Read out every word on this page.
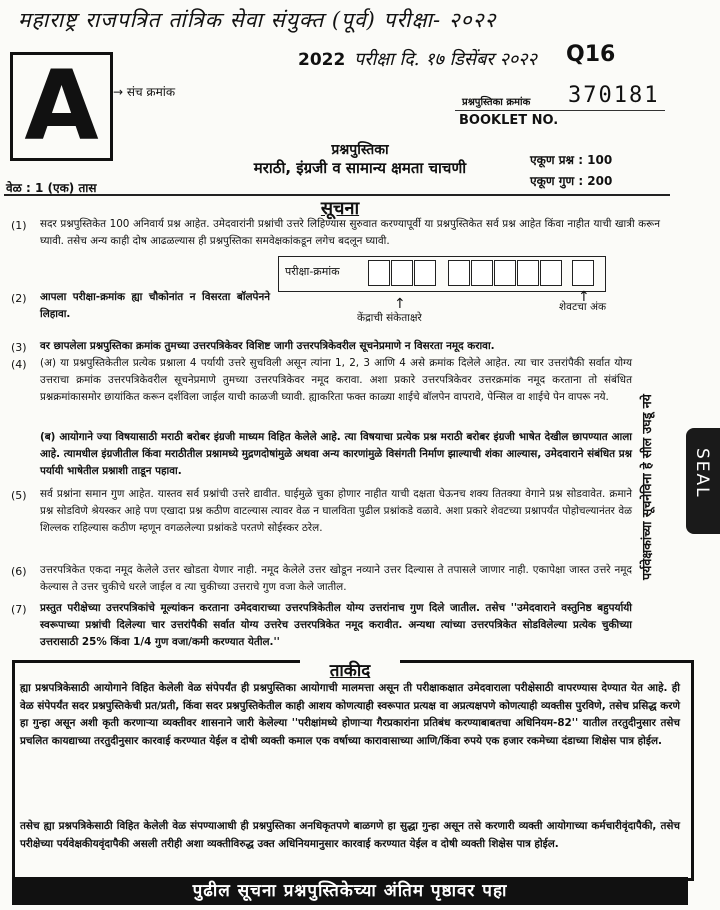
महाराष्ट्र राजपत्रित तांत्रिक सेवा संयुक्त (पूर्व) परीक्षा- २०२२
2022 परीक्षा दि. १७ डिसेंबर २०२२ Q16
A	→ संच क्रमांक
प्रश्नपुस्तिका क्रमांक 370181
BOOKLET NO.
प्रश्नपुस्तिका
मराठी, इंग्रजी व सामान्य क्षमता चाचणी	एकूण प्रश्न : 100
एकूण गुण : 200
वेळ : 1 (एक) तास
सूचना
(1) सदर प्रश्नपुस्तिकेत 100 अनिवार्य प्रश्न आहेत. उमेदवारांनी प्रश्नांची उत्तरे लिहिण्यास सुरुवात करण्यापूर्वी या प्रश्नपुस्तिकेत सर्व प्रश्न आहेत किंवा नाहीत याची खात्री करून घ्यावी. तसेच अन्य काही दोष आढळल्यास ही प्रश्नपुस्तिका समवेक्षकांकडून लगेच बदलून घ्यावी.
(2) आपला परीक्षा-क्रमांक ह्या चौकोनांत न विसरता बॉलपेनने लिहावा.
परीक्षा-क्रमांक
↑	↑
केंद्राची संकेताक्षरे
शेवटचा अंक
(3) वर छापलेला प्रश्नपुस्तिका क्रमांक तुमच्या उत्तरपत्रिकेवर विशिष्ट जागी उत्तरपत्रिकेवरील सूचनेप्रमाणे न विसरता नमूद करावा.
(4) (अ) या प्रश्नपुस्तिकेतील प्रत्येक प्रश्नाला 4 पर्यायी उत्तरे सुचविली असून त्यांना 1, 2, 3 आणि 4 असे क्रमांक दिलेले आहेत. त्या चार उत्तरांपैकी सर्वात योग्य उत्तराचा क्रमांक उत्तरपत्रिकेवरील सूचनेप्रमाणे तुमच्या उत्तरपत्रिकेवर नमूद करावा. अशा प्रकारे उत्तरपत्रिकेवर उत्तरक्रमांक नमूद करताना तो संबंधित प्रश्नक्रमांकासमोर छायांकित करून दर्शविला जाईल याची काळजी घ्यावी. ह्याकरिता फक्त काळ्या शाईचे बॉलपेन वापरावे, पेन्सिल वा शाईचे पेन वापरू नये.
(ब) आयोगाने ज्या विषयासाठी मराठी बरोबर इंग्रजी माध्यम विहित केलेले आहे. त्या विषयाचा प्रत्येक प्रश्न मराठी बरोबर इंग्रजी भाषेत देखील छापण्यात आला आहे. त्यामधील इंग्रजीतील किंवा मराठीतील प्रश्नामध्ये मुद्रणदोषांमुळे अथवा अन्य कारणांमुळे विसंगती निर्माण झाल्याची शंका आल्यास, उमेदवाराने संबंधित प्रश्न पर्यायी भाषेतील प्रश्नाशी ताडून पहावा.
(5) सर्व प्रश्नांना समान गुण आहेत. यास्तव सर्व प्रश्नांची उत्तरे द्यावीत. घाईमुळे चुका होणार नाहीत याची दक्षता घेऊनच शक्य तितक्या वेगाने प्रश्न सोडवावेत. क्रमाने प्रश्न सोडविणे श्रेयस्कर आहे पण एखादा प्रश्न कठीण वाटल्यास त्यावर वेळ न घालविता पुढील प्रश्नांकडे वळावे. अशा प्रकारे शेवटच्या प्रश्नापर्यंत पोहोचल्यानंतर वेळ शिल्लक राहिल्यास कठीण म्हणून वगळलेल्या प्रश्नांकडे परतणे सोईस्कर ठरेल.
(6) उत्तरपत्रिकेत एकदा नमूद केलेले उत्तर खोडता येणार नाही. नमूद केलेले उत्तर खोडून नव्याने उत्तर दिल्यास ते तपासले जाणार नाही. एकापेक्षा जास्त उत्तरे नमूद केल्यास ते उत्तर चुकीचे धरले जाईल व त्या चुकीच्या उत्तराचे गुण वजा केले जातील.
(7) प्रस्तुत परीक्षेच्या उत्तरपत्रिकांचे मूल्यांकन करताना उमेदवाराच्या उत्तरपत्रिकेतील योग्य उत्तरांनाच गुण दिले जातील. तसेच ''उमेदवाराने वस्तुनिष्ठ बहुपर्यायी स्वरूपाच्या प्रश्नांची दिलेल्या चार उत्तरांपैकी सर्वात योग्य उत्तरेच उत्तरपत्रिकेत नमूद करावीत. अन्यथा त्यांच्या उत्तरपत्रिकेत सोडविलेल्या प्रत्येक चुकीच्या उत्तरासाठी 25% किंवा 1/4 गुण वजा/कमी करण्यात येतील.''
पर्यवेक्षकांच्या सूचनेविना हे सील उघडू नये	SEAL
ताकीद
ह्या प्रश्नपत्रिकेसाठी आयोगाने विहित केलेली वेळ संपेपर्यंत ही प्रश्नपुस्तिका आयोगाची मालमत्ता असून ती परीक्षाकक्षात उमेदवाराला परीक्षेसाठी वापरण्यास देण्यात येत आहे. ही वेळ संपेपर्यंत सदर प्रश्नपुस्तिकेची प्रत/प्रती, किंवा सदर प्रश्नपुस्तिकेतील काही आशय कोणत्याही स्वरूपात प्रत्यक्ष वा अप्रत्यक्षपणे कोणत्याही व्यक्तीस पुरविणे, तसेच प्रसिद्ध करणे हा गुन्हा असून अशी कृती करणाऱ्या व्यक्तीवर शासनाने जारी केलेल्या ''परीक्षांमध्ये होणाऱ्या गैरप्रकारांना प्रतिबंध करण्याबाबतचा अधिनियम-82'' यातील तरतुदीनुसार तसेच प्रचलित कायद्याच्या तरतुदीनुसार कारवाई करण्यात येईल व दोषी व्यक्ती कमाल एक वर्षाच्या कारावासाच्या आणि/किंवा रुपये एक हजार रकमेच्या दंडाच्या शिक्षेस पात्र होईल.
तसेच ह्या प्रश्नपत्रिकेसाठी विहित केलेली वेळ संपण्याआधी ही प्रश्नपुस्तिका अनधिकृतपणे बाळगणे हा सुद्धा गुन्हा असून तसे करणारी व्यक्ती आयोगाच्या कर्मचारीवृंदापैकी, तसेच परीक्षेच्या पर्यवेक्षकीयवृंदापैकी असली तरीही अशा व्यक्तीविरुद्ध उक्त अधिनियमानुसार कारवाई करण्यात येईल व दोषी व्यक्ती शिक्षेस पात्र होईल.
पुढील सूचना प्रश्नपुस्तिकेच्या अंतिम पृष्ठावर पहा
